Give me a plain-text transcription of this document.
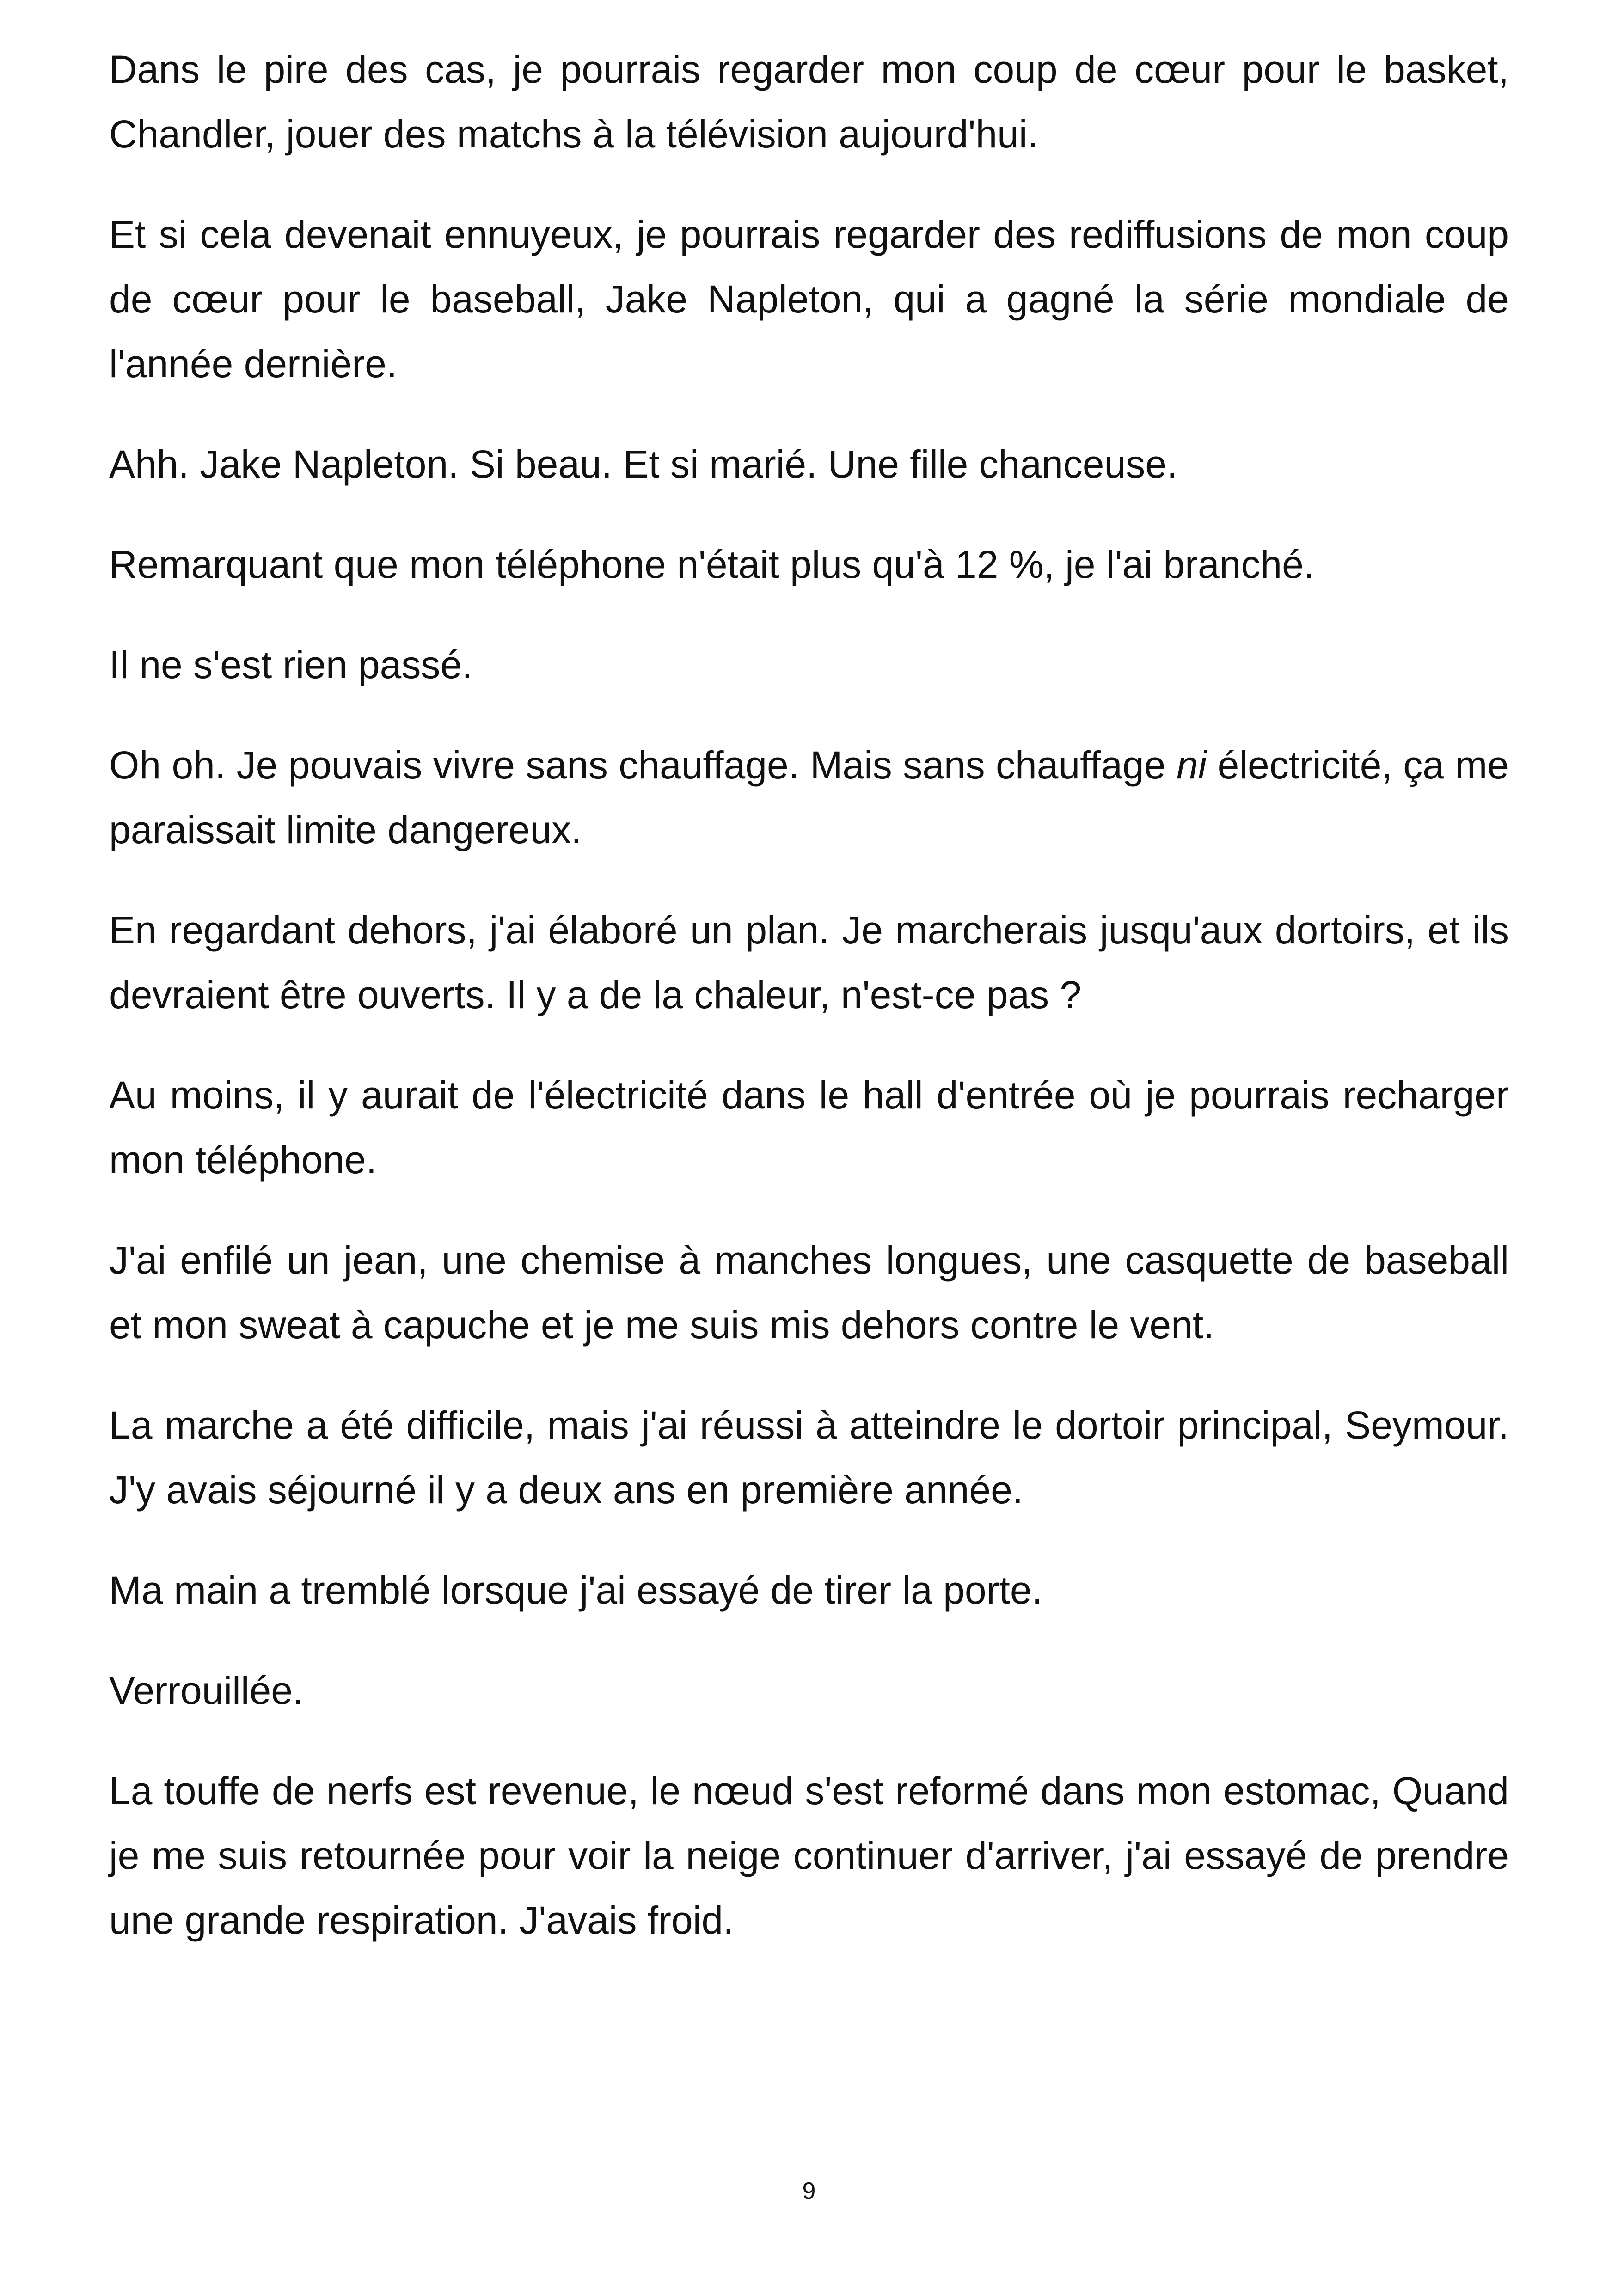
Dans le pire des cas, je pourrais regarder mon coup de cœur pour le basket, Chandler, jouer des matchs à la télévision aujourd'hui.

Et si cela devenait ennuyeux, je pourrais regarder des rediffusions de mon coup de cœur pour le baseball, Jake Napleton, qui a gagné la série mondiale de l'année dernière.

Ahh. Jake Napleton. Si beau. Et si marié. Une fille chanceuse.

Remarquant que mon téléphone n'était plus qu'à 12 %, je l'ai branché.

Il ne s'est rien passé.

Oh oh. Je pouvais vivre sans chauffage. Mais sans chauffage ni électricité, ça me paraissait limite dangereux.

En regardant dehors, j'ai élaboré un plan. Je marcherais jusqu'aux dortoirs, et ils devraient être ouverts. Il y a de la chaleur, n'est-ce pas ?

Au moins, il y aurait de l'électricité dans le hall d'entrée où je pourrais recharger mon téléphone.

J'ai enfilé un jean, une chemise à manches longues, une casquette de baseball et mon sweat à capuche et je me suis mis dehors contre le vent.

La marche a été difficile, mais j'ai réussi à atteindre le dortoir principal, Seymour. J'y avais séjourné il y a deux ans en première année.

Ma main a tremblé lorsque j'ai essayé de tirer la porte.

Verrouillée.

La touffe de nerfs est revenue, le nœud s'est reformé dans mon estomac, Quand je me suis retournée pour voir la neige continuer d'arriver, j'ai essayé de prendre une grande respiration. J'avais froid.

9
